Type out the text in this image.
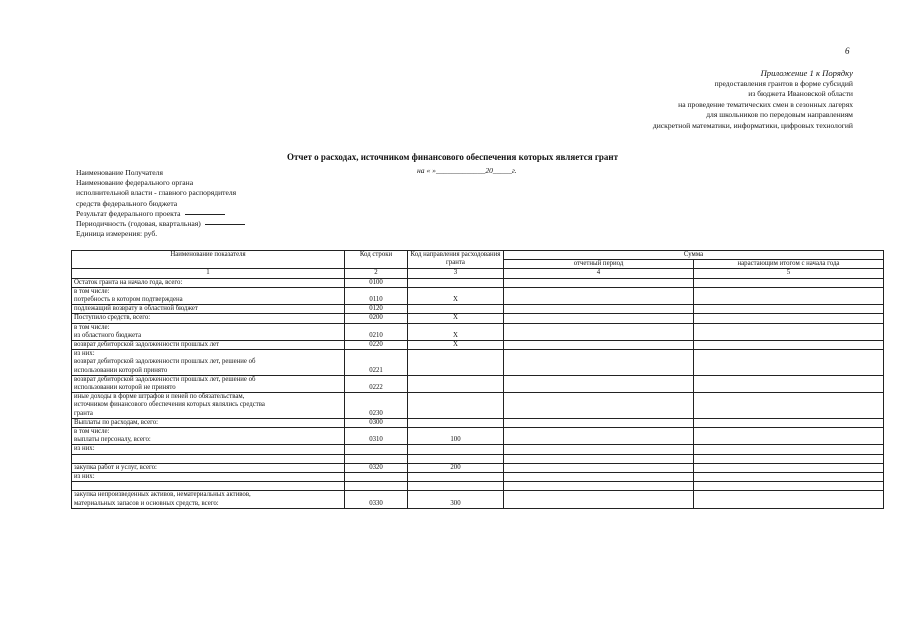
6
Приложение 1 к Порядку
предоставления грантов в форме субсидий
из бюджета Ивановской области
на проведение тематических смен в сезонных лагерях
для школьников по передовым направлениям
дискретной математики, информатики, цифровых технологий
Отчет о расходах, источником финансового обеспечения которых является грант
на « »_____________20_____г.
Наименование Получателя
Наименование федерального органа
исполнительной власти - главного распорядителя
средств федерального бюджета
Результат федерального проекта
Периодичность (годовая, квартальная)
Единица измерения: руб.
Наименование показателя	Код строки	Код направления расходования гранта	Сумма	
			отчетный период	нарастающим итогом с начала года
1	2	3	4	5

Остаток гранта на начало года, всего:	0100			

в том числе:
потребность в котором подтверждена	0110	X		

подлежащий возврату в областной бюджет	0120			

Поступило средств, всего:	0200	X		

в том числе:
из областного бюджета	0210	X		

возврат дебиторской задолженности прошлых лет	0220	X		

из них:
возврат дебиторской задолженности прошлых лет, решение об
использовании которой принято	0221			

возврат дебиторской задолженности прошлых лет, решение об
использовании которой не принято	0222			

иные доходы в форме штрафов и пеней по обязательствам,
источником финансового обеспечения которых являлись средства
гранта	0230			

Выплаты по расходам, всего:	0300			

в том числе:
выплаты персоналу, всего:	0310	100		

из них:				

закупка работ и услуг, всего:	0320	200		

из них:				

закупка непроизведенных активов, нематериальных активов,
материальных запасов и основных средств, всего:	0330	300		
